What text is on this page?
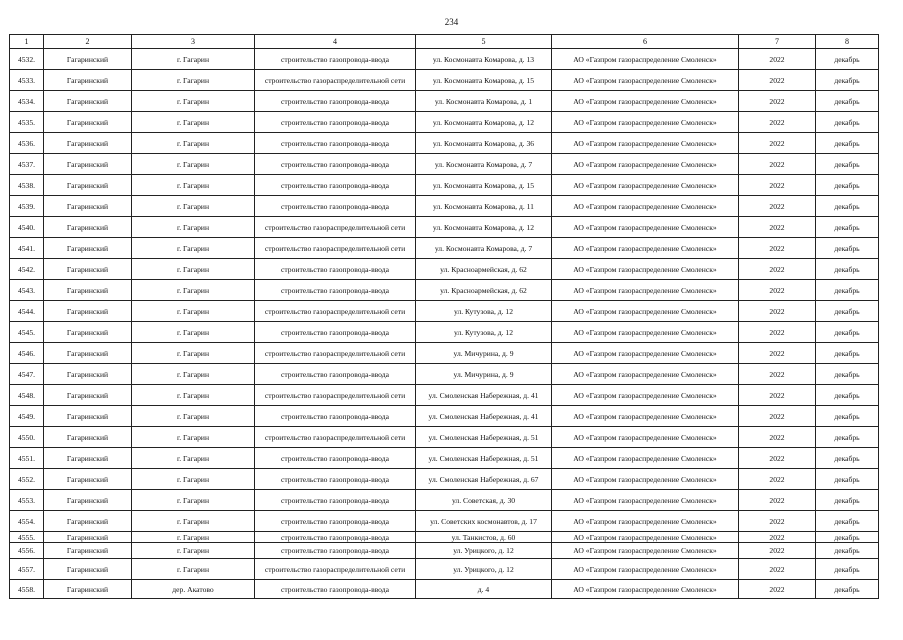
234
1	2	3	4	5	6	7	8
4532.	Гагаринский	г. Гагарин	строительство газопровода-ввода	ул. Космонавта Комарова, д. 13	АО «Газпром газораспределение Смоленск»	2022	декабрь
4533.	Гагаринский	г. Гагарин	строительство газораспределительной сети	ул. Космонавта Комарова, д. 15	АО «Газпром газораспределение Смоленск»	2022	декабрь
4534.	Гагаринский	г. Гагарин	строительство газопровода-ввода	ул. Космонавта Комарова, д. 1	АО «Газпром газораспределение Смоленск»	2022	декабрь
4535.	Гагаринский	г. Гагарин	строительство газопровода-ввода	ул. Космонавта Комарова, д. 12	АО «Газпром газораспределение Смоленск»	2022	декабрь
4536.	Гагаринский	г. Гагарин	строительство газопровода-ввода	ул. Космонавта Комарова, д. 36	АО «Газпром газораспределение Смоленск»	2022	декабрь
4537.	Гагаринский	г. Гагарин	строительство газопровода-ввода	ул. Космонавта Комарова, д. 7	АО «Газпром газораспределение Смоленск»	2022	декабрь
4538.	Гагаринский	г. Гагарин	строительство газопровода-ввода	ул. Космонавта Комарова, д. 15	АО «Газпром газораспределение Смоленск»	2022	декабрь
4539.	Гагаринский	г. Гагарин	строительство газопровода-ввода	ул. Космонавта Комарова, д. 11	АО «Газпром газораспределение Смоленск»	2022	декабрь
4540.	Гагаринский	г. Гагарин	строительство газораспределительной сети	ул. Космонавта Комарова, д. 12	АО «Газпром газораспределение Смоленск»	2022	декабрь
4541.	Гагаринский	г. Гагарин	строительство газораспределительной сети	ул. Космонавта Комарова, д. 7	АО «Газпром газораспределение Смоленск»	2022	декабрь
4542.	Гагаринский	г. Гагарин	строительство газопровода-ввода	ул. Красноармейская, д. 62	АО «Газпром газораспределение Смоленск»	2022	декабрь
4543.	Гагаринский	г. Гагарин	строительство газопровода-ввода	ул. Красноармейская, д. 62	АО «Газпром газораспределение Смоленск»	2022	декабрь
4544.	Гагаринский	г. Гагарин	строительство газораспределительной сети	ул. Кутузова, д. 12	АО «Газпром газораспределение Смоленск»	2022	декабрь
4545.	Гагаринский	г. Гагарин	строительство газопровода-ввода	ул. Кутузова, д. 12	АО «Газпром газораспределение Смоленск»	2022	декабрь
4546.	Гагаринский	г. Гагарин	строительство газораспределительной сети	ул. Мичурина, д. 9	АО «Газпром газораспределение Смоленск»	2022	декабрь
4547.	Гагаринский	г. Гагарин	строительство газопровода-ввода	ул. Мичурина, д. 9	АО «Газпром газораспределение Смоленск»	2022	декабрь
4548.	Гагаринский	г. Гагарин	строительство газораспределительной сети	ул. Смоленская Набережная, д. 41	АО «Газпром газораспределение Смоленск»	2022	декабрь
4549.	Гагаринский	г. Гагарин	строительство газопровода-ввода	ул. Смоленская Набережная, д. 41	АО «Газпром газораспределение Смоленск»	2022	декабрь
4550.	Гагаринский	г. Гагарин	строительство газораспределительной сети	ул. Смоленская Набережная, д. 51	АО «Газпром газораспределение Смоленск»	2022	декабрь
4551.	Гагаринский	г. Гагарин	строительство газопровода-ввода	ул. Смоленская Набережная, д. 51	АО «Газпром газораспределение Смоленск»	2022	декабрь
4552.	Гагаринский	г. Гагарин	строительство газопровода-ввода	ул. Смоленская Набережная, д. 67	АО «Газпром газораспределение Смоленск»	2022	декабрь
4553.	Гагаринский	г. Гагарин	строительство газопровода-ввода	ул. Советская, д. 30	АО «Газпром газораспределение Смоленск»	2022	декабрь
4554.	Гагаринский	г. Гагарин	строительство газопровода-ввода	ул. Советских космонавтов, д. 17	АО «Газпром газораспределение Смоленск»	2022	декабрь
4555.	Гагаринский	г. Гагарин	строительство газопровода-ввода	ул. Танкистов, д. 60	АО «Газпром газораспределение Смоленск»	2022	декабрь
4556.	Гагаринский	г. Гагарин	строительство газопровода-ввода	ул. Урицкого, д. 12	АО «Газпром газораспределение Смоленск»	2022	декабрь
4557.	Гагаринский	г. Гагарин	строительство газораспределительной сети	ул. Урицкого, д. 12	АО «Газпром газораспределение Смоленск»	2022	декабрь
4558.	Гагаринский	дер. Акатово	строительство газопровода-ввода	д. 4	АО «Газпром газораспределение Смоленск»	2022	декабрь
